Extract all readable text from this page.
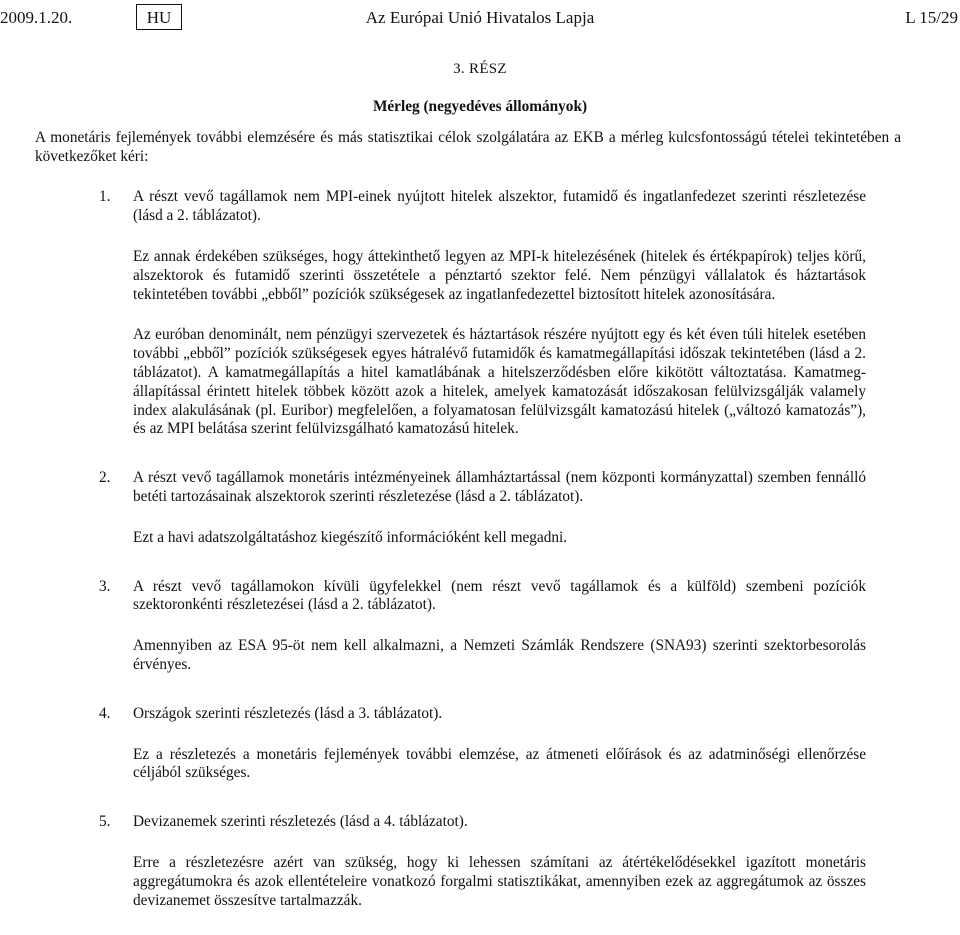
2009.1.20.	HU	Az Európai Unió Hivatalos Lapja	L 15/29

3. RÉSZ

Mérleg (negyedéves állományok)

A monetáris fejlemények további elemzésére és más statisztikai célok szolgálatára az EKB a mérleg kulcsfontosságú tételei tekintetében a következőket kéri:

1. A részt vevő tagállamok nem MPI-einek nyújtott hitelek alszektor, futamidő és ingatlanfedezet szerinti részletezése (lásd a 2. táblázatot).

Ez annak érdekében szükséges, hogy áttekinthető legyen az MPI-k hitelezésének (hitelek és értékpapírok) teljes körű, alszektorok és futamidő szerinti összetétele a pénztartó szektor felé. Nem pénzügyi vállalatok és háztartások tekintetében további „ebből” pozíciók szükségesek az ingatlanfedezettel biztosított hitelek azonosítására.

Az euróban denominált, nem pénzügyi szervezetek és háztartások részére nyújtott egy és két éven túli hitelek esetében további „ebből” pozíciók szükségesek egyes hátralévő futamidők és kamatmegállapítási időszak tekintetében (lásd a 2. táblázatot). A kamatmegállapítás a hitel kamatlábának a hitelszerződésben előre kikötött változtatása. Kamatmeg-állapítással érintett hitelek többek között azok a hitelek, amelyek kamatozását időszakosan felülvizsgálják valamely index alakulásának (pl. Euribor) megfelelően, a folyamatosan felülvizsgált kamatozású hitelek („változó kamatozás”), és az MPI belátása szerint felülvizsgálható kamatozású hitelek.

2. A részt vevő tagállamok monetáris intézményeinek államháztartással (nem központi kormányzattal) szemben fennálló betéti tartozásainak alszektorok szerinti részletezése (lásd a 2. táblázatot).

Ezt a havi adatszolgáltatáshoz kiegészítő információként kell megadni.

3. A részt vevő tagállamokon kívüli ügyfelekkel (nem részt vevő tagállamok és a külföld) szembeni pozíciók szektoronkénti részletezései (lásd a 2. táblázatot).

Amennyiben az ESA 95-öt nem kell alkalmazni, a Nemzeti Számlák Rendszere (SNA93) szerinti szektorbesorolás érvényes.

4. Országok szerinti részletezés (lásd a 3. táblázatot).

Ez a részletezés a monetáris fejlemények további elemzése, az átmeneti előírások és az adatminőségi ellenőrzése céljából szükséges.

5. Devizanemek szerinti részletezés (lásd a 4. táblázatot).

Erre a részletezésre azért van szükség, hogy ki lehessen számítani az átértékelődésekkel igazított monetáris aggregátumokra és azok ellentételeire vonatkozó forgalmi statisztikákat, amennyiben ezek az aggregátumok az összes devizanemet összesítve tartalmazzák.
